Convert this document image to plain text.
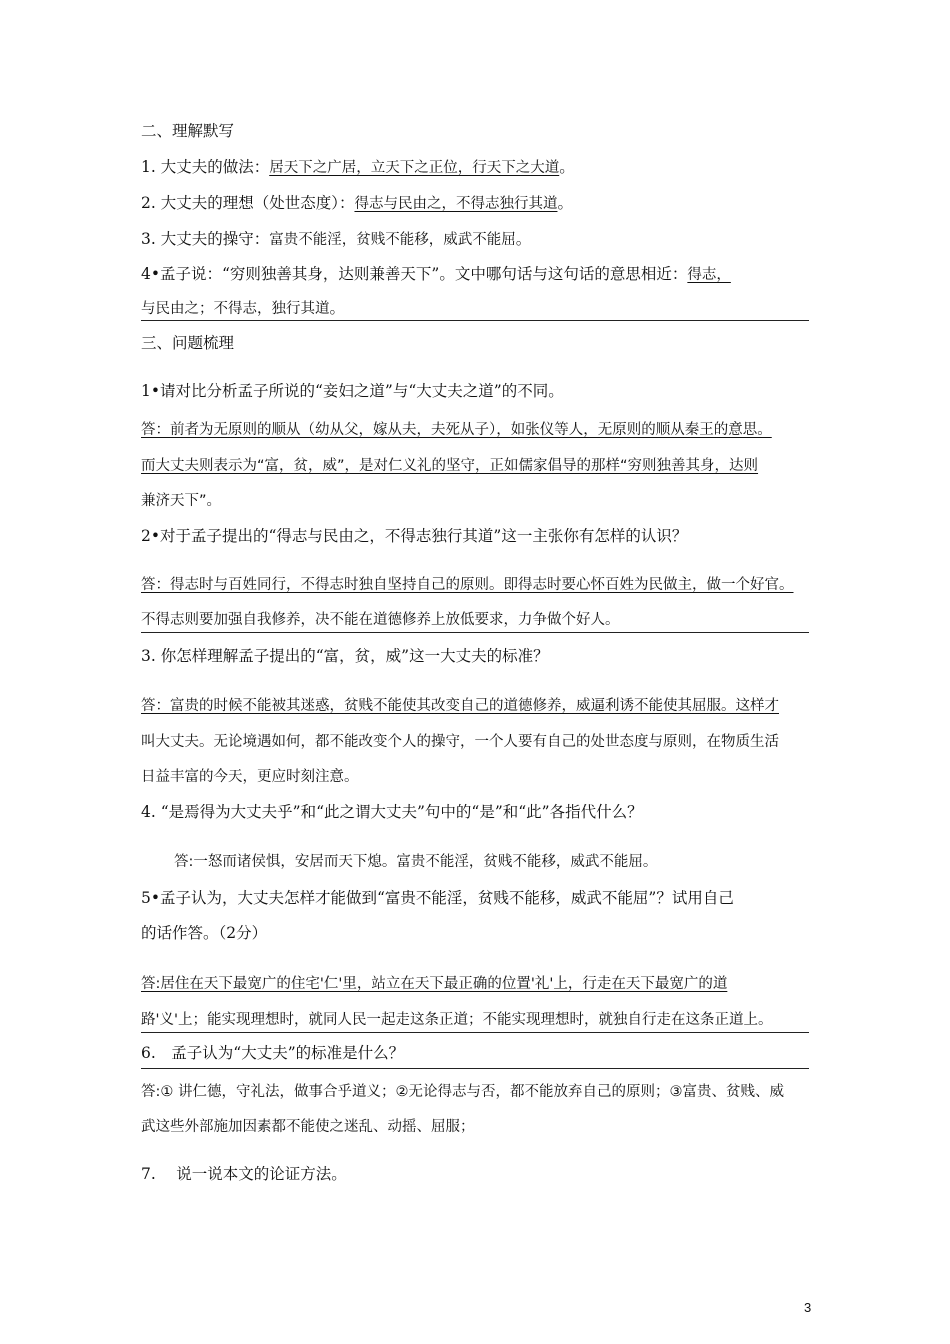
二、理解默写
1. 大丈夫的做法：居天下之广居，立天下之正位，行天下之大道。
2. 大丈夫的理想（处世态度）：得志与民由之，不得志独行其道。
3. 大丈夫的操守：富贵不能淫，贫贱不能移，威武不能屈。
4•孟子说：“穷则独善其身，达则兼善天下”。文中哪句话与这句话的意思相近：得志，
与民由之；不得志，独行其道。
三、问题梳理
1•请对比分析孟子所说的“妾妇之道”与“大丈夫之道”的不同。
答：前者为无原则的顺从（幼从父，嫁从夫，夫死从子），如张仪等人，无原则的顺从秦王的意思。
而大丈夫则表示为“富，贫，威”，是对仁义礼的坚守，正如儒家倡导的那样“穷则独善其身，达则
兼济天下”。
2•对于孟子提出的“得志与民由之，不得志独行其道”这一主张你有怎样的认识？
答：得志时与百姓同行，不得志时独自坚持自己的原则。即得志时要心怀百姓为民做主，做一个好官。
不得志则要加强自我修养，决不能在道德修养上放低要求，力争做个好人。
3. 你怎样理解孟子提出的“富，贫，威”这一大丈夫的标准？
答：富贵的时候不能被其迷惑，贫贱不能使其改变自己的道德修养，威逼利诱不能使其屈服。这样才
叫大丈夫。无论境遇如何，都不能改变个人的操守，一个人要有自己的处世态度与原则，在物质生活
日益丰富的今天，更应时刻注意。
4. “是焉得为大丈夫乎”和“此之谓大丈夫”句中的“是”和“此”各指代什么？
答:一怒而诸侯惧，安居而天下熄。富贵不能淫，贫贱不能移，威武不能屈。
5•孟子认为，大丈夫怎样才能做到“富贵不能淫，贫贱不能移，威武不能屈”？试用自己
的话作答。（2分）
答:居住在天下最宽广的住宅'仁'里，站立在天下最正确的位置'礼'上，行走在天下最宽广的道
路'义'上；能实现理想时，就同人民一起走这条正道；不能实现理想时，就独自行走在这条正道上。
6.　孟子认为“大丈夫”的标准是什么？
答:① 讲仁德，守礼法，做事合乎道义；②无论得志与否，都不能放弃自己的原则；③富贵、贫贱、威
武这些外部施加因素都不能使之迷乱、动摇、屈服；
7.　 说一说本文的论证方法。
3
